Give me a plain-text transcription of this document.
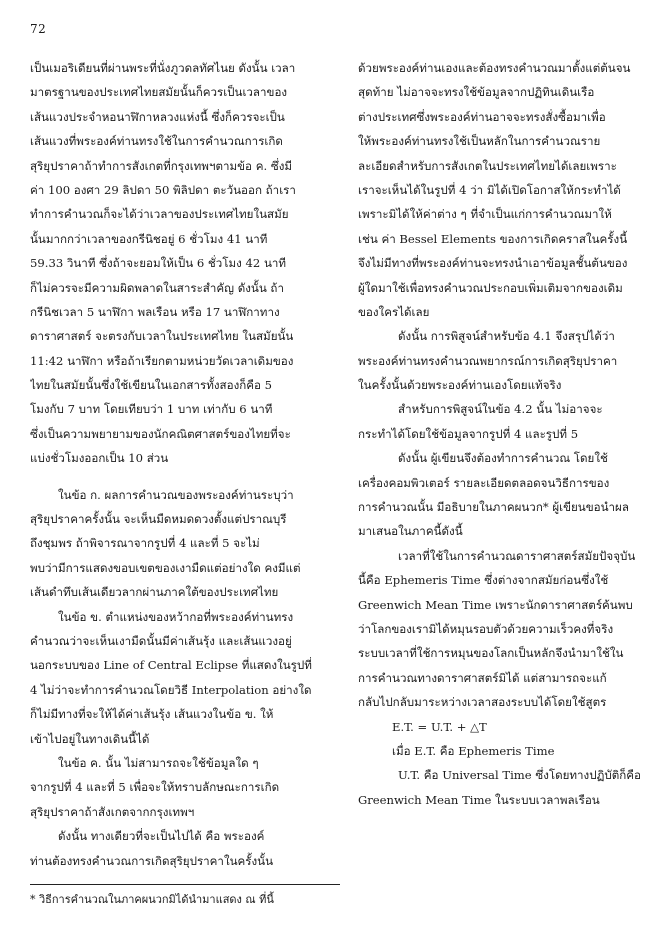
72
เป็นเมอริเดียนที่ผ่านพระที่นั่งภูวดลทัศไนย ดังนั้น เวลา
มาตรฐานของประเทศไทยสมัยนั้นก็ควรเป็นเวลาของ
เส้นแวงประจำหอนาฬิกาหลวงแห่งนี้ ซึ่งก็ควรจะเป็น
เส้นแวงที่พระองค์ท่านทรงใช้ในการคำนวณการเกิด
สุริยุปราคาถ้าทำการสังเกตที่กรุงเทพฯตามข้อ ค. ซึ่งมี
ค่า 100 องศา 29 ลิปดา 50 พิลิปดา ตะวันออก ถ้าเรา
ทำการคำนวณก็จะได้ว่าเวลาของประเทศไทยในสมัย
นั้นมากกว่าเวลาของกรีนิชอยู่ 6 ชั่วโมง 41 นาที
59.33 วินาที ซึ่งถ้าจะยอมให้เป็น 6 ชั่วโมง 42 นาที
ก็ไม่ควรจะมีความผิดพลาดในสาระสำคัญ ดังนั้น ถ้า
กรีนิชเวลา 5 นาฬิกา พลเรือน หรือ 17 นาฬิกาทาง
ดาราศาสตร์ จะตรงกับเวลาในประเทศไทย ในสมัยนั้น
11:42 นาฬิกา หรือถ้าเรียกตามหน่วยวัดเวลาเดิมของ
ไทยในสมัยนั้นซึ่งใช้เขียนในเอกสารทั้งสองก็คือ 5
โมงกับ 7 บาท โดยเทียบว่า 1 บาท เท่ากับ 6 นาที
ซึ่งเป็นความพยายามของนักคณิตศาสตร์ของไทยที่จะ
แบ่งชั่วโมงออกเป็น 10 ส่วน
ในข้อ ก. ผลการคำนวณของพระองค์ท่านระบุว่า
สุริยุปราคาครั้งนั้น จะเห็นมืดหมดดวงตั้งแต่ปราณบุรี
ถึงชุมพร ถ้าพิจารณาจากรูปที่ 4 และที่ 5 จะไม่
พบว่ามีการแสดงขอบเขตของเงามืดแต่อย่างใด คงมีแต่
เส้นดำทึบเส้นเดียวลากผ่านภาคใต้ของประเทศไทย
ในข้อ ข. ตำแหน่งของหว้ากอที่พระองค์ท่านทรง
คำนวณว่าจะเห็นเงามืดนั้นมีค่าเส้นรุ้ง และเส้นแวงอยู่
นอกระบบของ Line of Central Eclipse ที่แสดงในรูปที่
4 ไม่ว่าจะทำการคำนวณโดยวิธี Interpolation อย่างใด
ก็ไม่มีทางที่จะให้ได้ค่าเส้นรุ้ง เส้นแวงในข้อ ข. ให้
เข้าไปอยู่ในทางเดินนี้ได้
ในข้อ ค. นั้น ไม่สามารถจะใช้ข้อมูลใด ๆ
จากรูปที่ 4 และที่ 5 เพื่อจะให้ทราบลักษณะการเกิด
สุริยุปราคาถ้าสังเกตจากกรุงเทพฯ
ดังนั้น ทางเดียวที่จะเป็นไปได้ คือ พระองค์
ท่านต้องทรงคำนวณการเกิดสุริยุปราคาในครั้งนั้น
ด้วยพระองค์ท่านเองและต้องทรงคำนวณมาตั้งแต่ต้นจน
สุดท้าย ไม่อาจจะทรงใช้ข้อมูลจากปฏิทินเดินเรือ
ต่างประเทศซึ่งพระองค์ท่านอาจจะทรงสั่งซื้อมาเพื่อ
ให้พระองค์ท่านทรงใช้เป็นหลักในการคำนวณราย
ละเอียดสำหรับการสังเกตในประเทศไทยได้เลยเพราะ
เราจะเห็นได้ในรูปที่ 4 ว่า มิได้เปิดโอกาสให้กระทำได้
เพราะมิได้ให้ค่าต่าง ๆ ที่จำเป็นแก่การคำนวณมาให้
เช่น ค่า Bessel Elements ของการเกิดคราสในครั้งนี้
จึงไม่มีทางที่พระองค์ท่านจะทรงนำเอาข้อมูลชั้นต้นของ
ผู้ใดมาใช้เพื่อทรงคำนวณประกอบเพิ่มเติมจากของเดิม
ของใครได้เลย
ดังนั้น การพิสูจน์สำหรับข้อ 4.1 จึงสรุปได้ว่า
พระองค์ท่านทรงคำนวณพยากรณ์การเกิดสุริยุปราคา
ในครั้งนั้นด้วยพระองค์ท่านเองโดยแท้จริง
สำหรับการพิสูจน์ในข้อ 4.2 นั้น ไม่อาจจะ
กระทำได้โดยใช้ข้อมูลจากรูปที่ 4 และรูปที่ 5
ดังนั้น ผู้เขียนจึงต้องทำการคำนวณ โดยใช้
เครื่องคอมพิวเตอร์ รายละเอียดตลอดจนวิธีการของ
การคำนวณนั้น มีอธิบายในภาคผนวก* ผู้เขียนขอนำผล
มาเสนอในภาคนี้ดังนี้
เวลาที่ใช้ในการคำนวณดาราศาสตร์สมัยปัจจุบัน
นี้คือ Ephemeris Time ซึ่งต่างจากสมัยก่อนซึ่งใช้
Greenwich Mean Time เพราะนักดาราศาสตร์ค้นพบ
ว่าโลกของเรามิได้หมุนรอบตัวด้วยความเร็วคงที่จริง
ระบบเวลาที่ใช้การหมุนของโลกเป็นหลักจึงนำมาใช้ใน
การคำนวณทางดาราศาสตร์มิได้ แต่สามารถจะแก้
กลับไปกลับมาระหว่างเวลาสองระบบได้โดยใช้สูตร
E.T. = U.T. + △T
เมื่อ E.T. คือ Ephemeris Time
U.T. คือ Universal Time ซึ่งโดยทางปฏิบัติก็คือ
Greenwich Mean Time ในระบบเวลาพลเรือน
* วิธีการคำนวณในภาคผนวกมิได้นำมาแสดง ณ ที่นี้
